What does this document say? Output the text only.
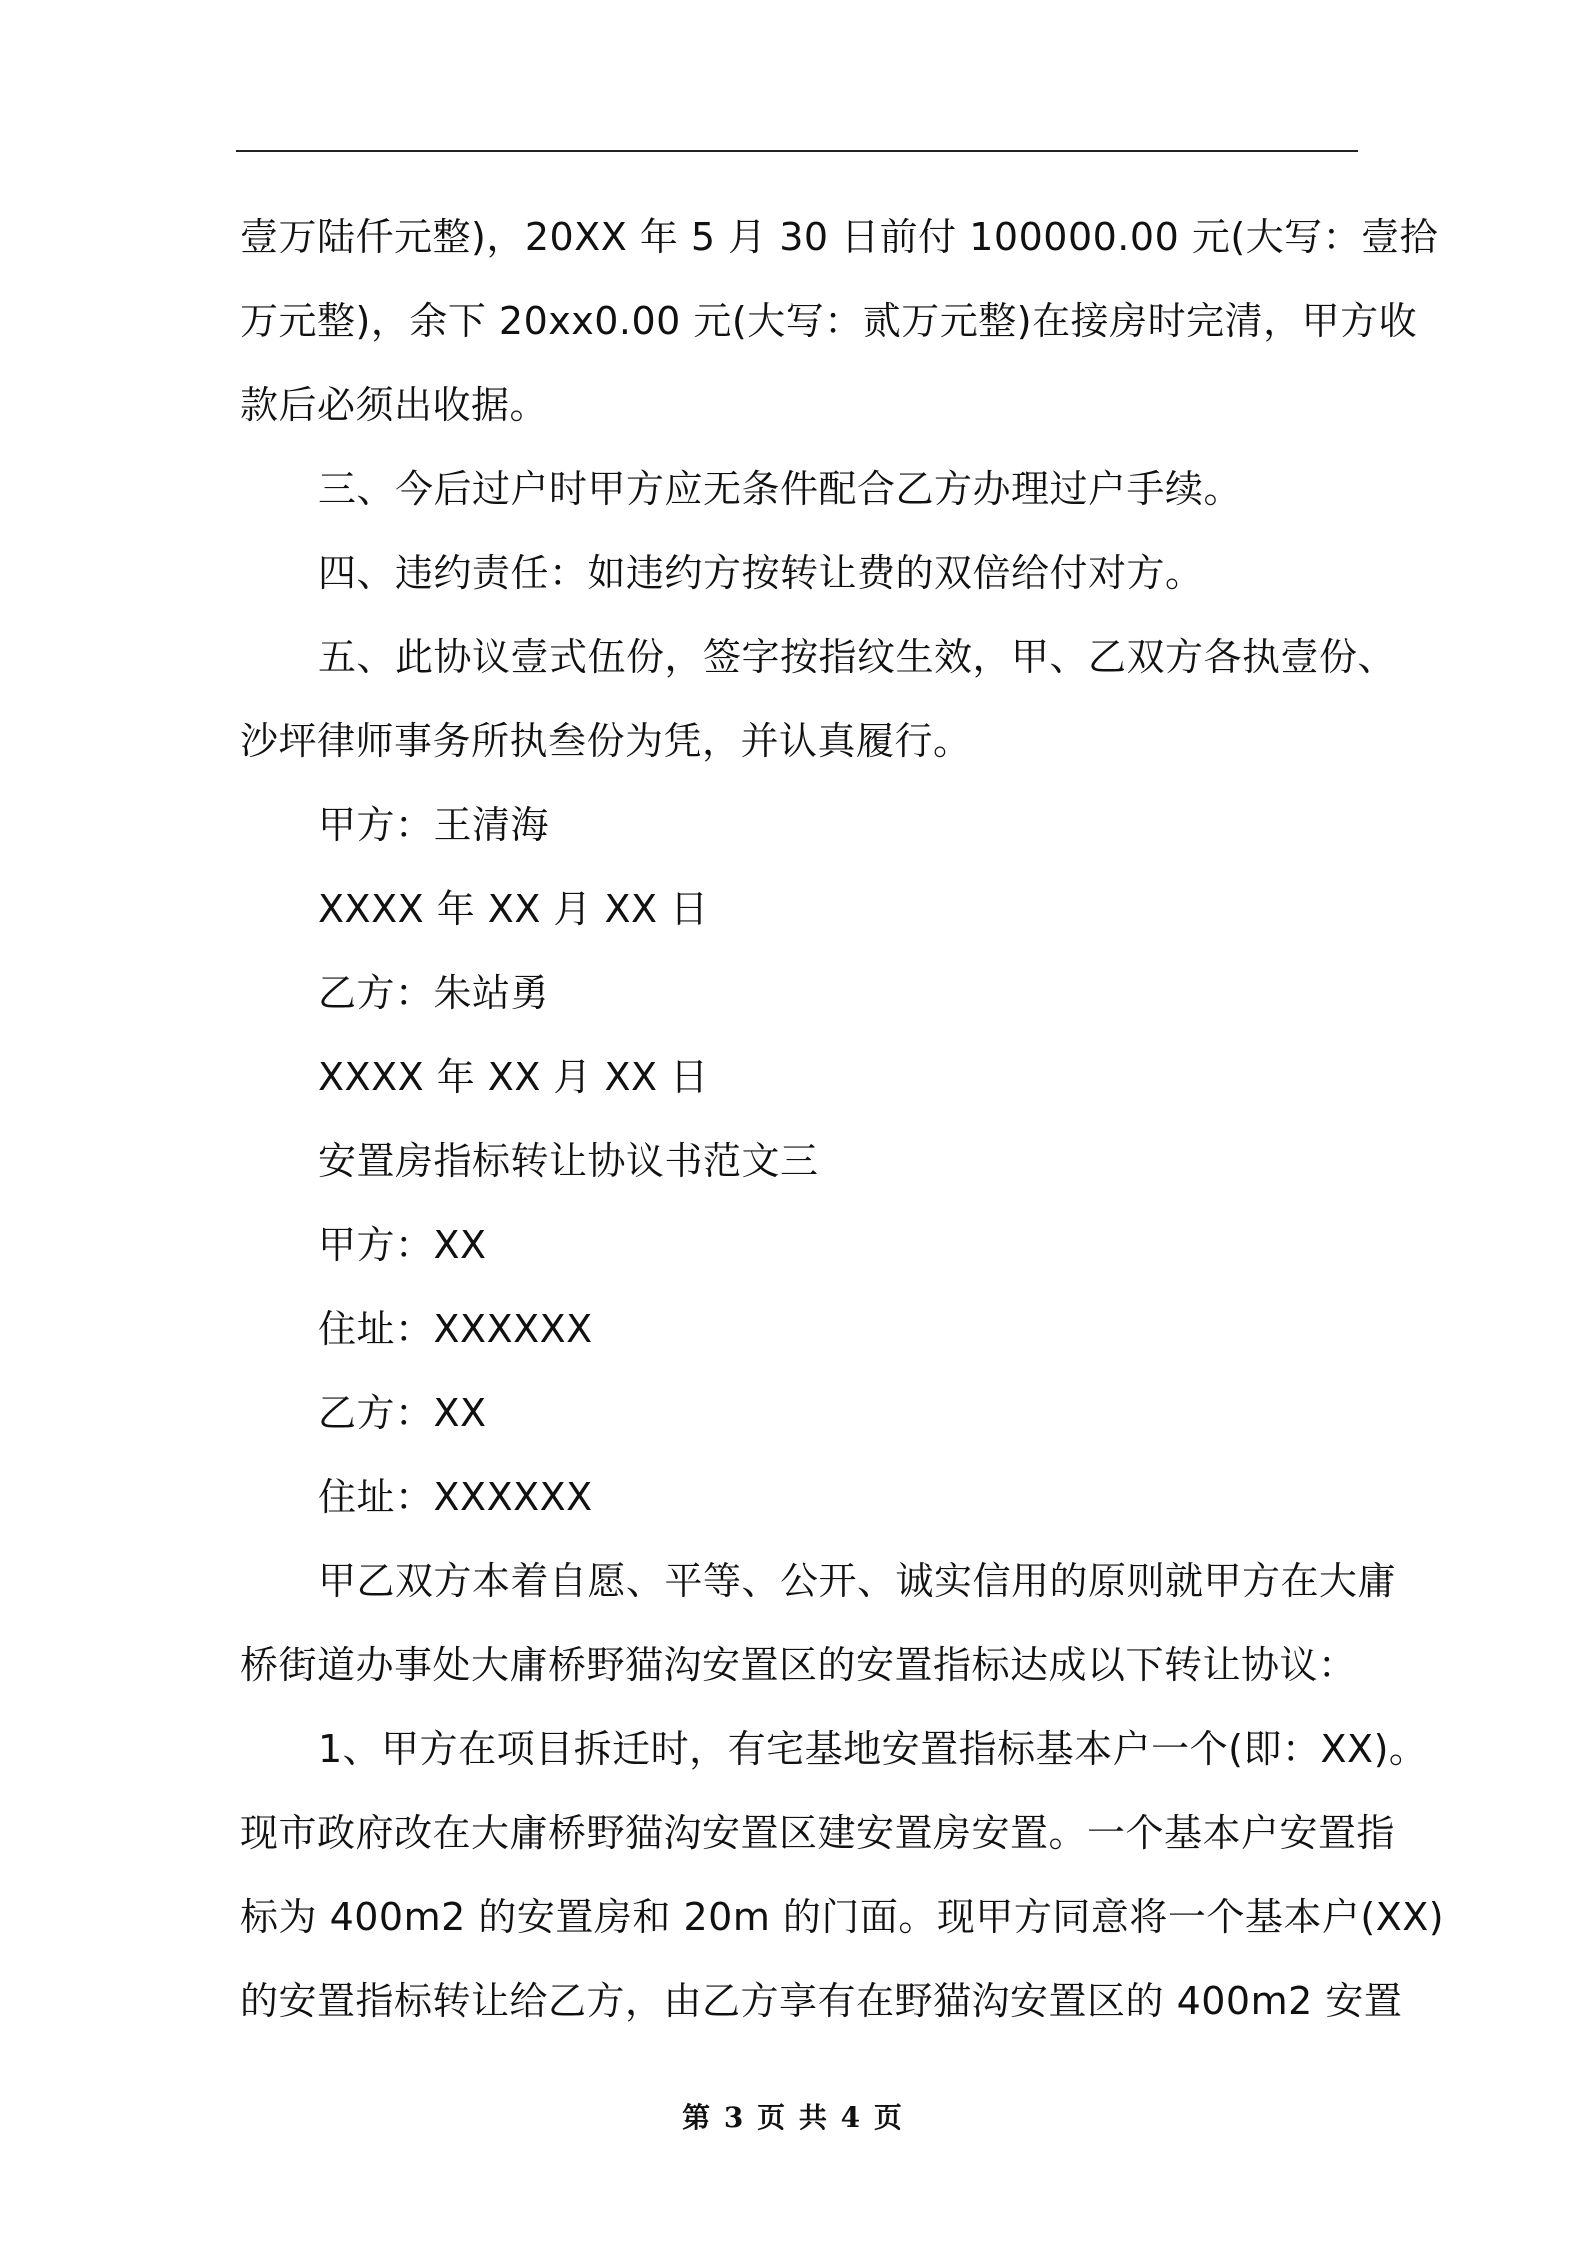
壹万陆仟元整)，20XX 年 5 月 30 日前付 100000.00 元(大写：壹拾
万元整)，余下 20xx0.00 元(大写：贰万元整)在接房时完清，甲方收
款后必须出收据。
三、今后过户时甲方应无条件配合乙方办理过户手续。
四、违约责任：如违约方按转让费的双倍给付对方。
五、此协议壹式伍份，签字按指纹生效，甲、乙双方各执壹份、
沙坪律师事务所执叁份为凭，并认真履行。
甲方：王清海
XXXX 年 XX 月 XX 日
乙方：朱站勇
XXXX 年 XX 月 XX 日
安置房指标转让协议书范文三
甲方：XX
住址：XXXXXX
乙方：XX
住址：XXXXXX
甲乙双方本着自愿、平等、公开、诚实信用的原则就甲方在大庸
桥街道办事处大庸桥野猫沟安置区的安置指标达成以下转让协议：
1、甲方在项目拆迁时，有宅基地安置指标基本户一个(即：XX)。
现市政府改在大庸桥野猫沟安置区建安置房安置。一个基本户安置指
标为 400m2 的安置房和 20m 的门面。现甲方同意将一个基本户(XX)
的安置指标转让给乙方，由乙方享有在野猫沟安置区的 400m2 安置
第 3 页 共 4 页
